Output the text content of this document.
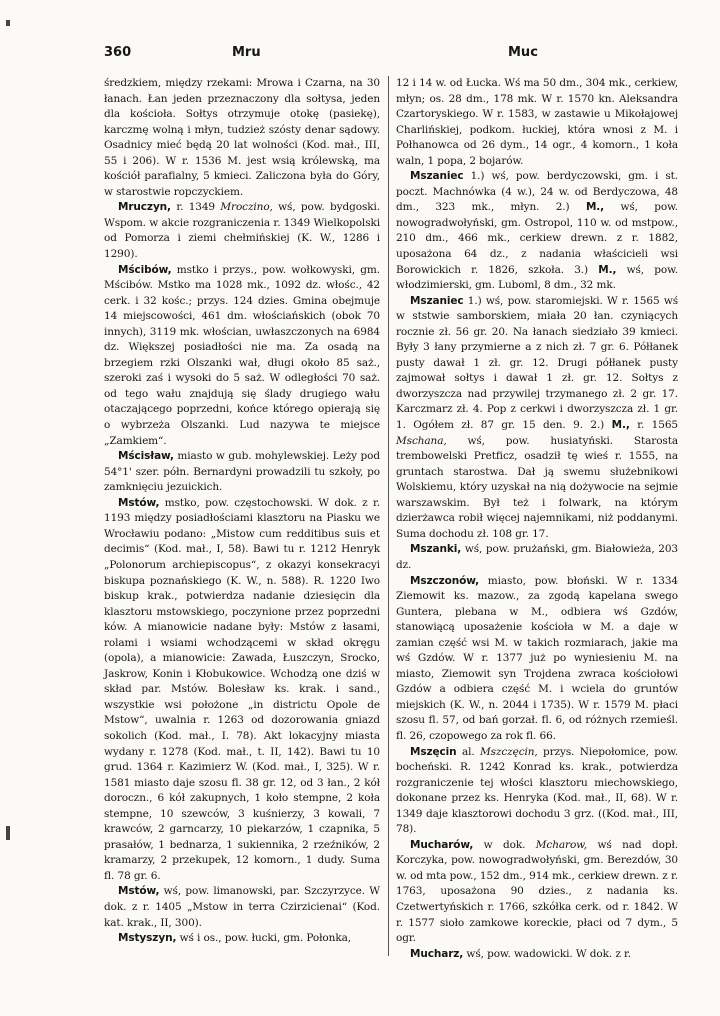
360	Mru	Muc

średzkiem, między rzekami: Mrowa i Czarna, na 30 łanach. Łan jeden przeznaczony dla sołtysa, jeden dla kościoła. Sołtys otrzymuje otokę (pasiekę), karczmę wolną i młyn, tudzież szósty denar sądowy. Osadnicy mieć będą 20 lat wolności (Kod. mał., III, 55 i 206). W r. 1536 M. jest wsią królewską, ma kościół parafialny, 5 kmieci. Zaliczona była do Góry, w starostwie ropczyckiem.

Mruczyn, r. 1349 Mroczino, wś, pow. bydgoski. Wspom. w akcie rozgraniczenia r. 1349 Wielkopolski od Pomorza i ziemi chełmińskiej (K. W., 1286 i 1290).

Mścibów, mstko i przys., pow. wołkowyski, gm. Mścibów. Mstko ma 1028 mk., 1092 dz. włośc., 42 cerk. i 32 kośc.; przys. 124 dzies. Gmina obejmuje 14 miejscowości, 461 dm. włościańskich (obok 70 innych), 3119 mk. włościan, uwłaszczonych na 6984 dz. Większej posiadłości nie ma. Za osadą na brzegiem rzki Olszanki wał, długi około 85 saż., szeroki zaś i wysoki do 5 saż. W odległości 70 saż. od tego wału znajdują się ślady drugiego wału otaczającego poprzedni, końce którego opierają się o wybrzeża Olszanki. Lud nazywa te miejsce „Zamkiem“.

Mścisław, miasto w gub. mohylewskiej. Leży pod 54°1' szer. półn. Bernardyni prowadzili tu szkoły, po zamknięciu jezuickich.

Mstów, mstko, pow. częstochowski. W dok. z r. 1193 między posiadłościami klasztoru na Piasku we Wrocławiu podano: „Mistow cum redditibus suis et decimis“ (Kod. mał., I, 58). Bawi tu r. 1212 Henryk „Polonorum archiepiscopus“, z okazyi konsekracyi biskupa poznańskiego (K. W., n. 588). R. 1220 Iwo biskup krak., potwierdza nadanie dziesięcin dla klasztoru mstowskiego, poczynione przez poprzedni ków. A mianowicie nadane były: Mstów z łasami, rolami i wsiami wchodzącemi w skład okręgu (opola), a mianowicie: Zawada, Łuszczyn, Srocko, Jaskrow, Konin i Kłobukowice. Wchodzą one dziś w skład par. Mstów. Bolesław ks. krak. i sand., wszystkie wsi położone „in districtu Opole de Mstow“, uwalnia r. 1263 od dozorowania gniazd sokolich (Kod. mał., I. 78). Akt lokacyjny miasta wydany r. 1278 (Kod. mał., t. II, 142). Bawi tu 10 grud. 1364 r. Kazimierz W. (Kod. mał., I, 325). W r. 1581 miasto daje szosu fl. 38 gr. 12, od 3 łan., 2 kół doroczn., 6 kół zakupnych, 1 koło stempne, 2 koła stempne, 10 szewców, 3 kuśnierzy, 3 kowali, 7 krawców, 2 garncarzy, 10 piekarzów, 1 czapnika, 5 prasałów, 1 bednarza, 1 sukiennika, 2 rzeźników, 2 kramarzy, 2 przekupek, 12 komorn., 1 dudy. Suma fl. 78 gr. 6.

Mstów, wś, pow. limanowski, par. Szczyrzyce. W dok. z r. 1405 „Mstow in terra Czirzicienai“ (Kod. kat. krak., II, 300).

Mstyszyn, wś i os., pow. łucki, gm. Połonka,

12 i 14 w. od Łucka. Wś ma 50 dm., 304 mk., cerkiew, młyn; os. 28 dm., 178 mk. W r. 1570 kn. Aleksandra Czartoryskiego. W r. 1583, w zastawie u Mikołajowej Charlińskiej, podkom. łuckiej, która wnosi z M. i Połhanowca od 26 dym., 14 ogr., 4 komorn., 1 koła waln, 1 popa, 2 bojarów.

Mszaniec 1.) wś, pow. berdyczowski, gm. i st. poczt. Machnówka (4 w.), 24 w. od Berdyczowa, 48 dm., 323 mk., młyn. 2.) M., wś, pow. nowogradwołyński, gm. Ostropol, 110 w. od mstpow., 210 dm., 466 mk., cerkiew drewn. z r. 1882, uposażona 64 dz., z nadania właścicieli wsi Borowickich r. 1826, szkoła. 3.) M., wś, pow. włodzimierski, gm. Luboml, 8 dm., 32 mk.

Mszaniec 1.) wś, pow. staromiejski. W r. 1565 wś w ststwie samborskiem, miała 20 łan. czyniących rocznie zł. 56 gr. 20. Na łanach siedziało 39 kmieci. Były 3 łany przymierne a z nich zł. 7 gr. 6. Półłanek pusty dawał 1 zł. gr. 12. Drugi półłanek pusty zajmował sołtys i dawał 1 zł. gr. 12. Sołtys z dworzyszcza nad przywilej trzymanego zł. 2 gr. 17. Karczmarz zł. 4. Pop z cerkwi i dworzyszcza zł. 1 gr. 1. Ogółem zł. 87 gr. 15 den. 9. 2.) M., r. 1565 Mschana, wś, pow. husiatyński. Starosta trembowelski Pretficz, osadził tę wieś r. 1555, na gruntach starostwa. Dał ją swemu służebnikowi Wolskiemu, który uzyskał na nią dożywocie na sejmie warszawskim. Był też i folwark, na którym dzierżawca robił więcej najemnikami, niż poddanymi. Suma dochodu zł. 108 gr. 17.

Mszanki, wś, pow. prużański, gm. Białowieża, 203 dz.

Mszczonów, miasto, pow. błoński. W r. 1334 Ziemowit ks. mazow., za zgodą kapelana swego Guntera, plebana w M., odbiera wś Gzdów, stanowiącą uposażenie kościoła w M. a daje w zamian część wsi M. w takich rozmiarach, jakie ma wś Gzdów. W r. 1377 już po wyniesieniu M. na miasto, Ziemowit syn Trojdena zwraca kościołowi Gzdów a odbiera część M. i wciela do gruntów miejskich (K. W., n. 2044 i 1735). W r. 1579 M. płaci szosu fl. 57, od bań gorzał. fl. 6, od różnych rzemieśl. fl. 26, czopowego za rok fl. 66.

Mszęcin al. Mszczęcin, przys. Niepołomice, pow. bocheński. R. 1242 Konrad ks. krak., potwierdza rozgraniczenie tej włości klasztoru miechowskiego, dokonane przez ks. Henryka (Kod. mał., II, 68). W r. 1349 daje klasztorowi dochodu 3 grz. ((Kod. mał., III, 78).

Mucharów, w dok. Mcharow, wś nad dopł. Korczyka, pow. nowogradwołyński, gm. Berezdów, 30 w. od mta pow., 152 dm., 914 mk., cerkiew drewn. z r. 1763, uposażona 90 dzies., z nadania ks. Czetwertyńskich r. 1766, szkółka cerk. od r. 1842. W r. 1577 sioło zamkowe koreckie, płaci od 7 dym., 5 ogr.

Mucharz, wś, pow. wadowicki. W dok. z r.
